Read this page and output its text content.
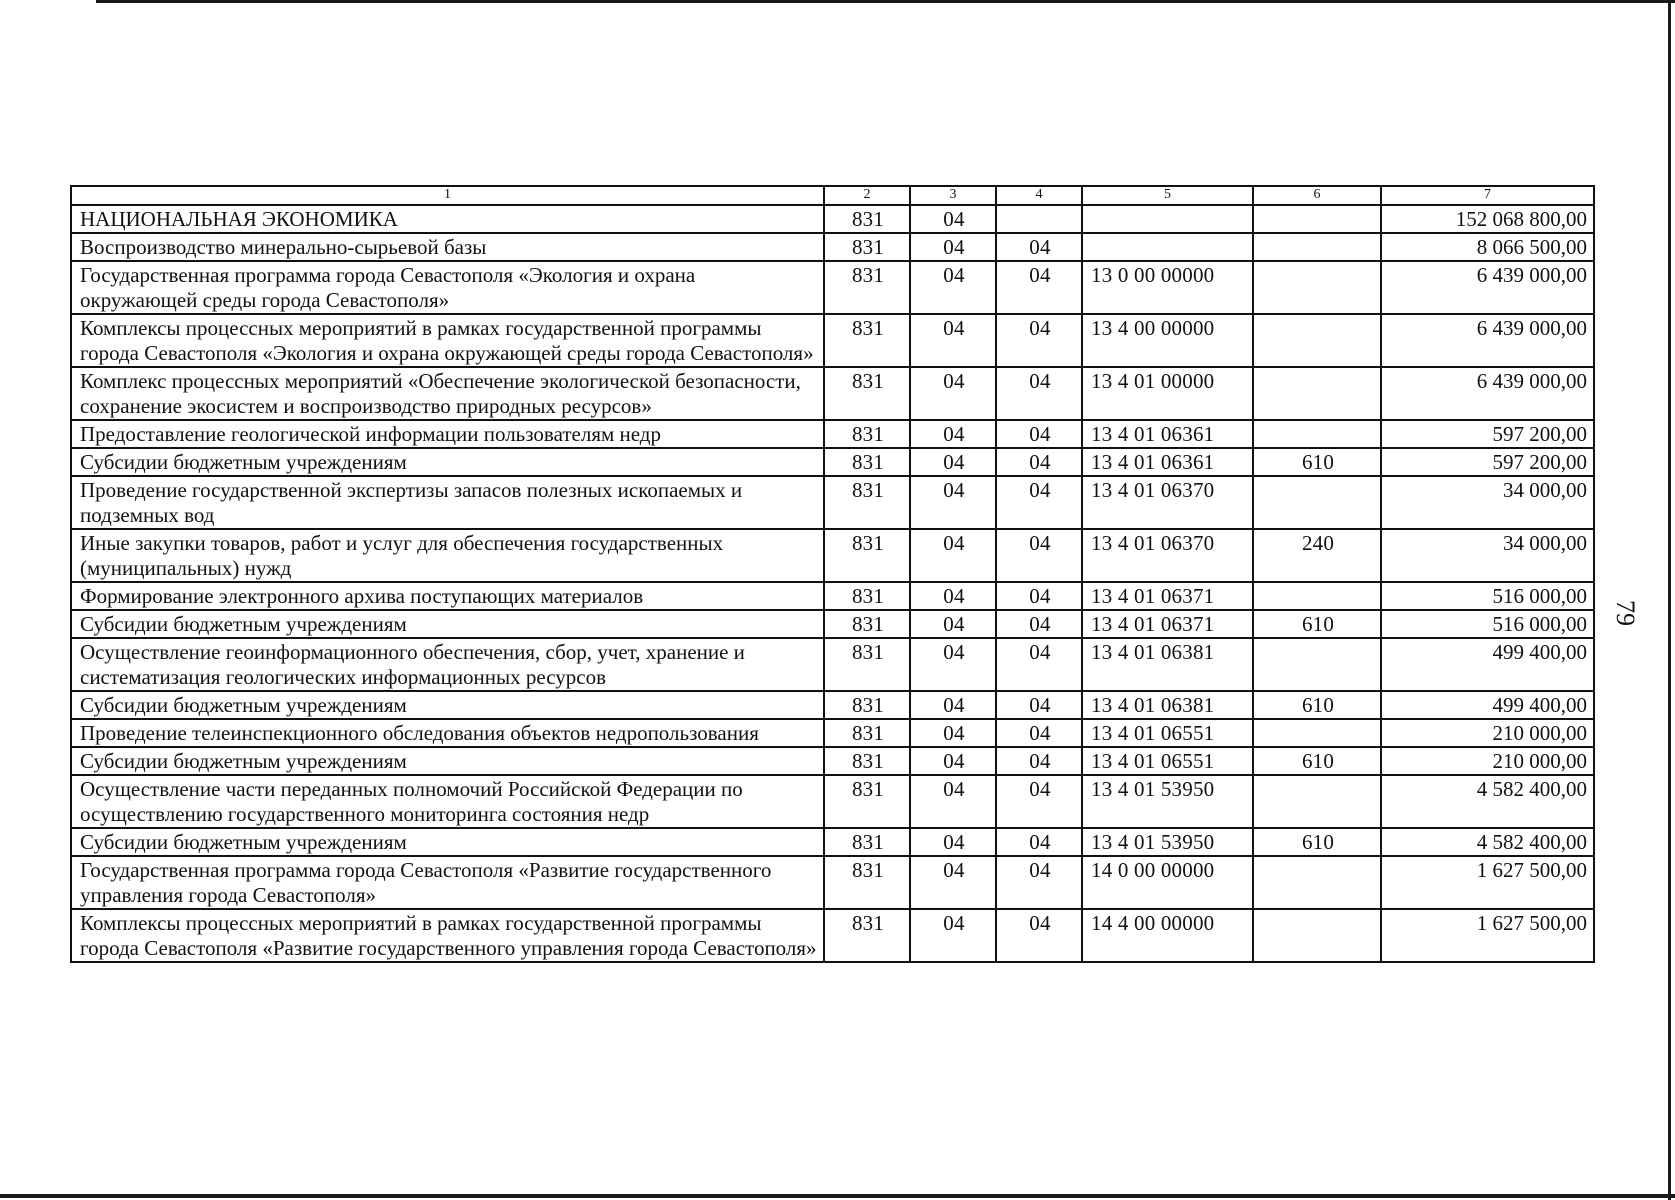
79
1	2	3	4	5	6	7
НАЦИОНАЛЬНАЯ ЭКОНОМИКА	831	04				152 068 800,00
Воспроизводство минерально-сырьевой базы	831	04	04			8 066 500,00
Государственная программа города Севастополя «Экология и охрана окружающей среды города Севастополя»	831	04	04	13 0 00 00000		6 439 000,00
Комплексы процессных мероприятий в рамках государственной программы города Севастополя «Экология и охрана окружающей среды города Севастополя»	831	04	04	13 4 00 00000		6 439 000,00
Комплекс процессных мероприятий «Обеспечение экологической безопасности, сохранение экосистем и воспроизводство природных ресурсов»	831	04	04	13 4 01 00000		6 439 000,00
Предоставление геологической информации пользователям недр	831	04	04	13 4 01 06361		597 200,00
Субсидии бюджетным учреждениям	831	04	04	13 4 01 06361	610	597 200,00
Проведение государственной экспертизы запасов полезных ископаемых и подземных вод	831	04	04	13 4 01 06370		34 000,00
Иные закупки товаров, работ и услуг для обеспечения государственных (муниципальных) нужд	831	04	04	13 4 01 06370	240	34 000,00
Формирование электронного архива поступающих материалов	831	04	04	13 4 01 06371		516 000,00
Субсидии бюджетным учреждениям	831	04	04	13 4 01 06371	610	516 000,00
Осуществление геоинформационного обеспечения, сбор, учет, хранение и систематизация геологических информационных ресурсов	831	04	04	13 4 01 06381		499 400,00
Субсидии бюджетным учреждениям	831	04	04	13 4 01 06381	610	499 400,00
Проведение телеинспекционного обследования объектов недропользования	831	04	04	13 4 01 06551		210 000,00
Субсидии бюджетным учреждениям	831	04	04	13 4 01 06551	610	210 000,00
Осуществление части переданных полномочий Российской Федерации по осуществлению государственного мониторинга состояния недр	831	04	04	13 4 01 53950		4 582 400,00
Субсидии бюджетным учреждениям	831	04	04	13 4 01 53950	610	4 582 400,00
Государственная программа города Севастополя «Развитие государственного управления города Севастополя»	831	04	04	14 0 00 00000		1 627 500,00
Комплексы процессных мероприятий в рамках государственной программы города Севастополя «Развитие государственного управления города Севастополя»	831	04	04	14 4 00 00000		1 627 500,00
